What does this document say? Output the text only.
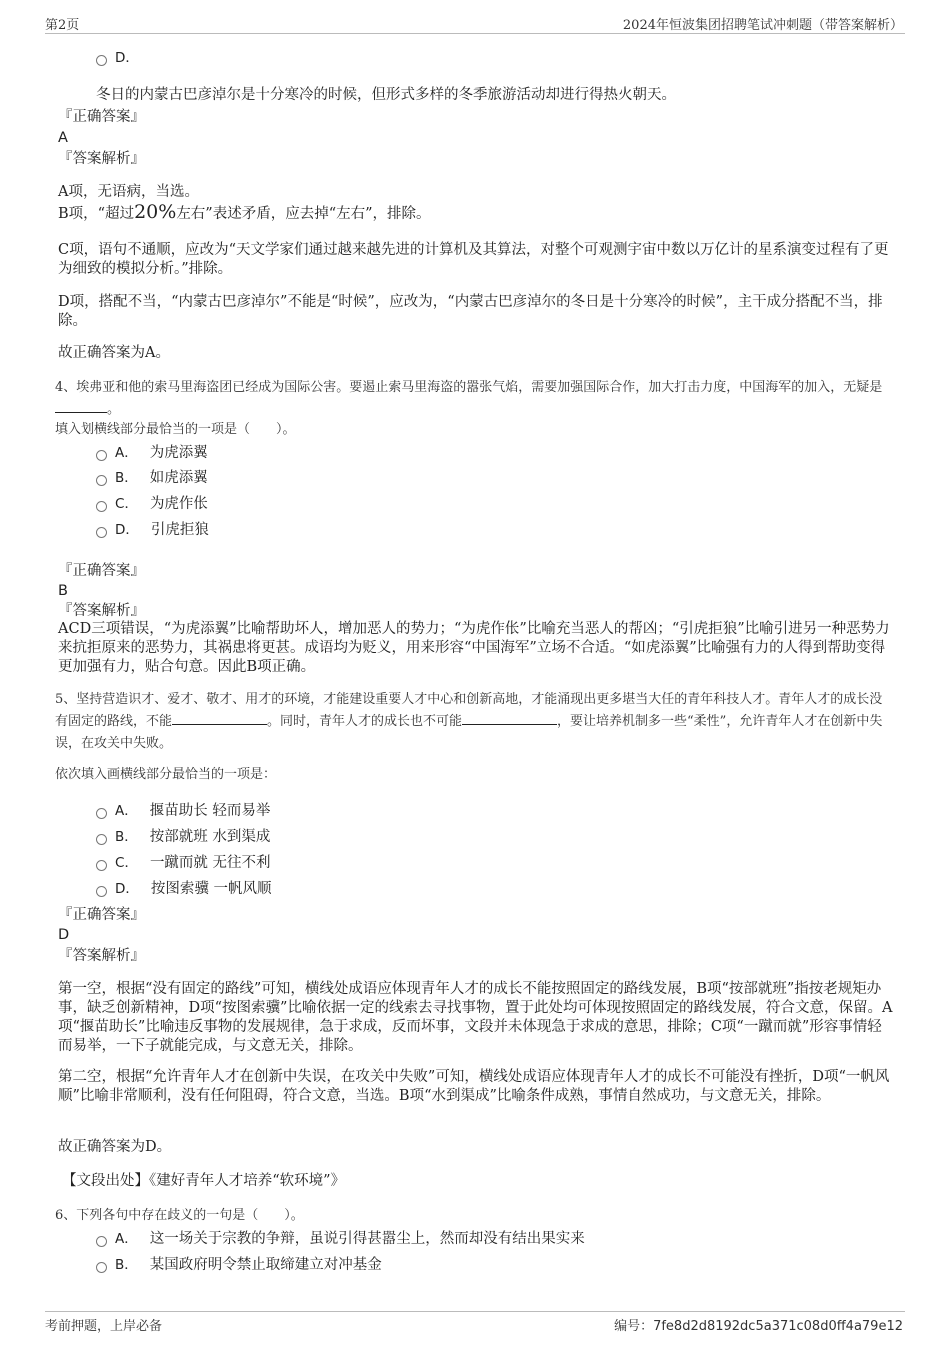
第2页	2024年恒波集团招聘笔试冲刺题（带答案解析）
D．
冬日的内蒙古巴彦淖尔是十分寒冷的时候，但形式多样的冬季旅游活动却进行得热火朝天。
『正确答案』
A
『答案解析』
A项，无语病，当选。
B项，“超过20%左右”表述矛盾，应去掉“左右”，排除。
C项，语句不通顺，应改为“天文学家们通过越来越先进的计算机及其算法，对整个可观测宇宙中数以万亿计的星系演变过程有了更为细致的模拟分析。”排除。
D项，搭配不当，“内蒙古巴彦淖尔”不能是“时候”，应改为，“内蒙古巴彦淖尔的冬日是十分寒冷的时候”，主干成分搭配不当，排除。
故正确答案为A。
4、埃弗亚和他的索马里海盗团已经成为国际公害。要遏止索马里海盗的嚣张气焰，需要加强国际合作，加大打击力度，中国海军的加入，无疑是。
填入划横线部分最恰当的一项是（　　）。
A． 为虎添翼
B． 如虎添翼
C． 为虎作伥
D． 引虎拒狼
『正确答案』
B
『答案解析』
ACD三项错误，“为虎添翼”比喻帮助坏人，增加恶人的势力；“为虎作伥”比喻充当恶人的帮凶；“引虎拒狼”比喻引进另一种恶势力来抗拒原来的恶势力，其祸患将更甚。成语均为贬义，用来形容“中国海军”立场不合适。“如虎添翼”比喻强有力的人得到帮助变得更加强有力，贴合句意。因此B项正确。
5、坚持营造识才、爱才、敬才、用才的环境，才能建设重要人才中心和创新高地，才能涌现出更多堪当大任的青年科技人才。青年人才的成长没有固定的路线，不能	。同时，青年人才的成长也不可能	，要让培养机制多一些“柔性”，允许青年人才在创新中失误，在攻关中失败。
依次填入画横线部分最恰当的一项是：
A． 揠苗助长 轻而易举
B． 按部就班 水到渠成
C． 一蹴而就 无往不利
D． 按图索骥 一帆风顺
『正确答案』
D
『答案解析』
第一空，根据“没有固定的路线”可知，横线处成语应体现青年人才的成长不能按照固定的路线发展，B项“按部就班”指按老规矩办事，缺乏创新精神，D项“按图索骥”比喻依据一定的线索去寻找事物，置于此处均可体现按照固定的路线发展，符合文意，保留。A项“揠苗助长”比喻违反事物的发展规律，急于求成，反而坏事，文段并未体现急于求成的意思，排除；C项“一蹴而就”形容事情轻而易举，一下子就能完成，与文意无关，排除。
第二空，根据“允许青年人才在创新中失误，在攻关中失败”可知，横线处成语应体现青年人才的成长不可能没有挫折，D项“一帆风顺”比喻非常顺利，没有任何阻碍，符合文意，当选。B项“水到渠成”比喻条件成熟，事情自然成功，与文意无关，排除。
故正确答案为D。
【文段出处】《建好青年人才培养“软环境”》
6、下列各句中存在歧义的一句是（　　）。
A． 这一场关于宗教的争辩，虽说引得甚嚣尘上，然而却没有结出果实来
B． 某国政府明令禁止取缔建立对冲基金
考前押题，上岸必备	编号：7fe8d2d8192dc5a371c08d0ff4a79e12
